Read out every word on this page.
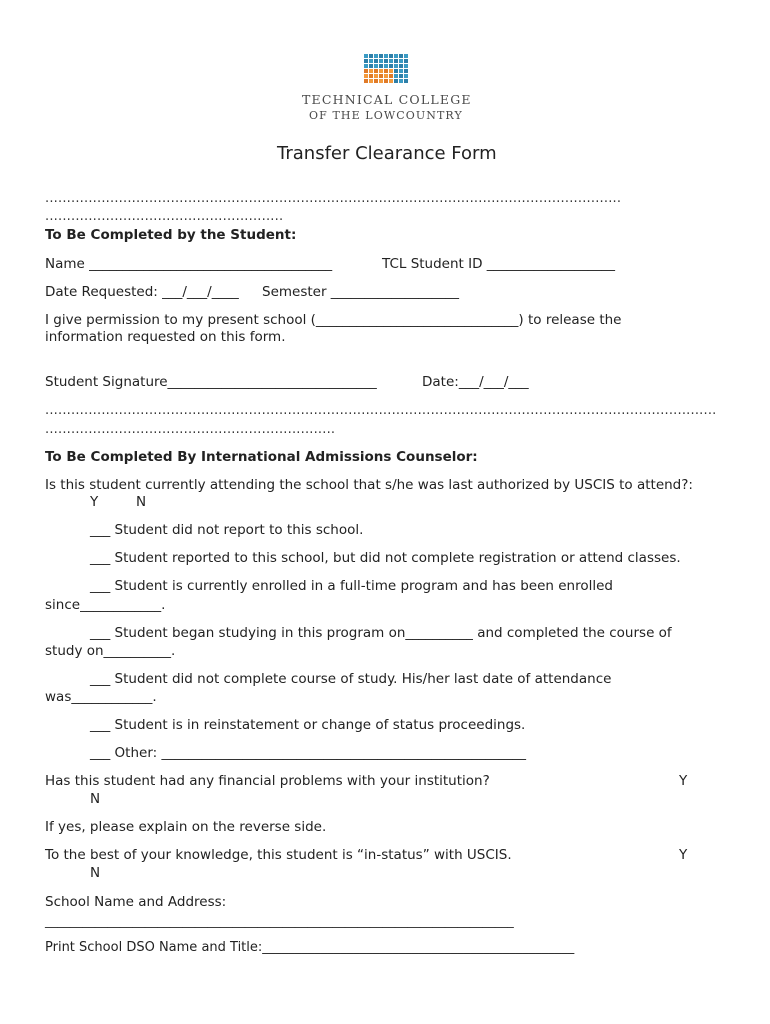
TECHNICAL COLLEGE
OF THE LOWCOUNTRY
Transfer Clearance Form
.....................................................................................................................................
.......................................................
To Be Completed by the Student:
Name ____________________________________	TCL Student ID ___________________
Date Requested: ___/___/____ Semester ___________________
I give permission to my present school (______________________________) to release the
information requested on this form.
Student Signature_______________________________	Date:___/___/___
...........................................................................................................................................................
...................................................................
To Be Completed By International Admissions Counselor:
Is this student currently attending the school that s/he was last authorized by USCIS to attend?:
Y	N
___ Student did not report to this school.
___ Student reported to this school, but did not complete registration or attend classes.
___ Student is currently enrolled in a full-time program and has been enrolled
since____________.
___ Student began studying in this program on__________ and completed the course of
study on__________.
___ Student did not complete course of study. His/her last date of attendance
was____________.
___ Student is in reinstatement or change of status proceedings.
___ Other: ______________________________________________________
Has this student had any financial problems with your institution?	Y
N
If yes, please explain on the reverse side.
To the best of your knowledge, this student is “in-status” with USCIS.	Y
N
School Name and Address:
___________________________________________________________________________
Print School DSO Name and Title:________________________________________________
